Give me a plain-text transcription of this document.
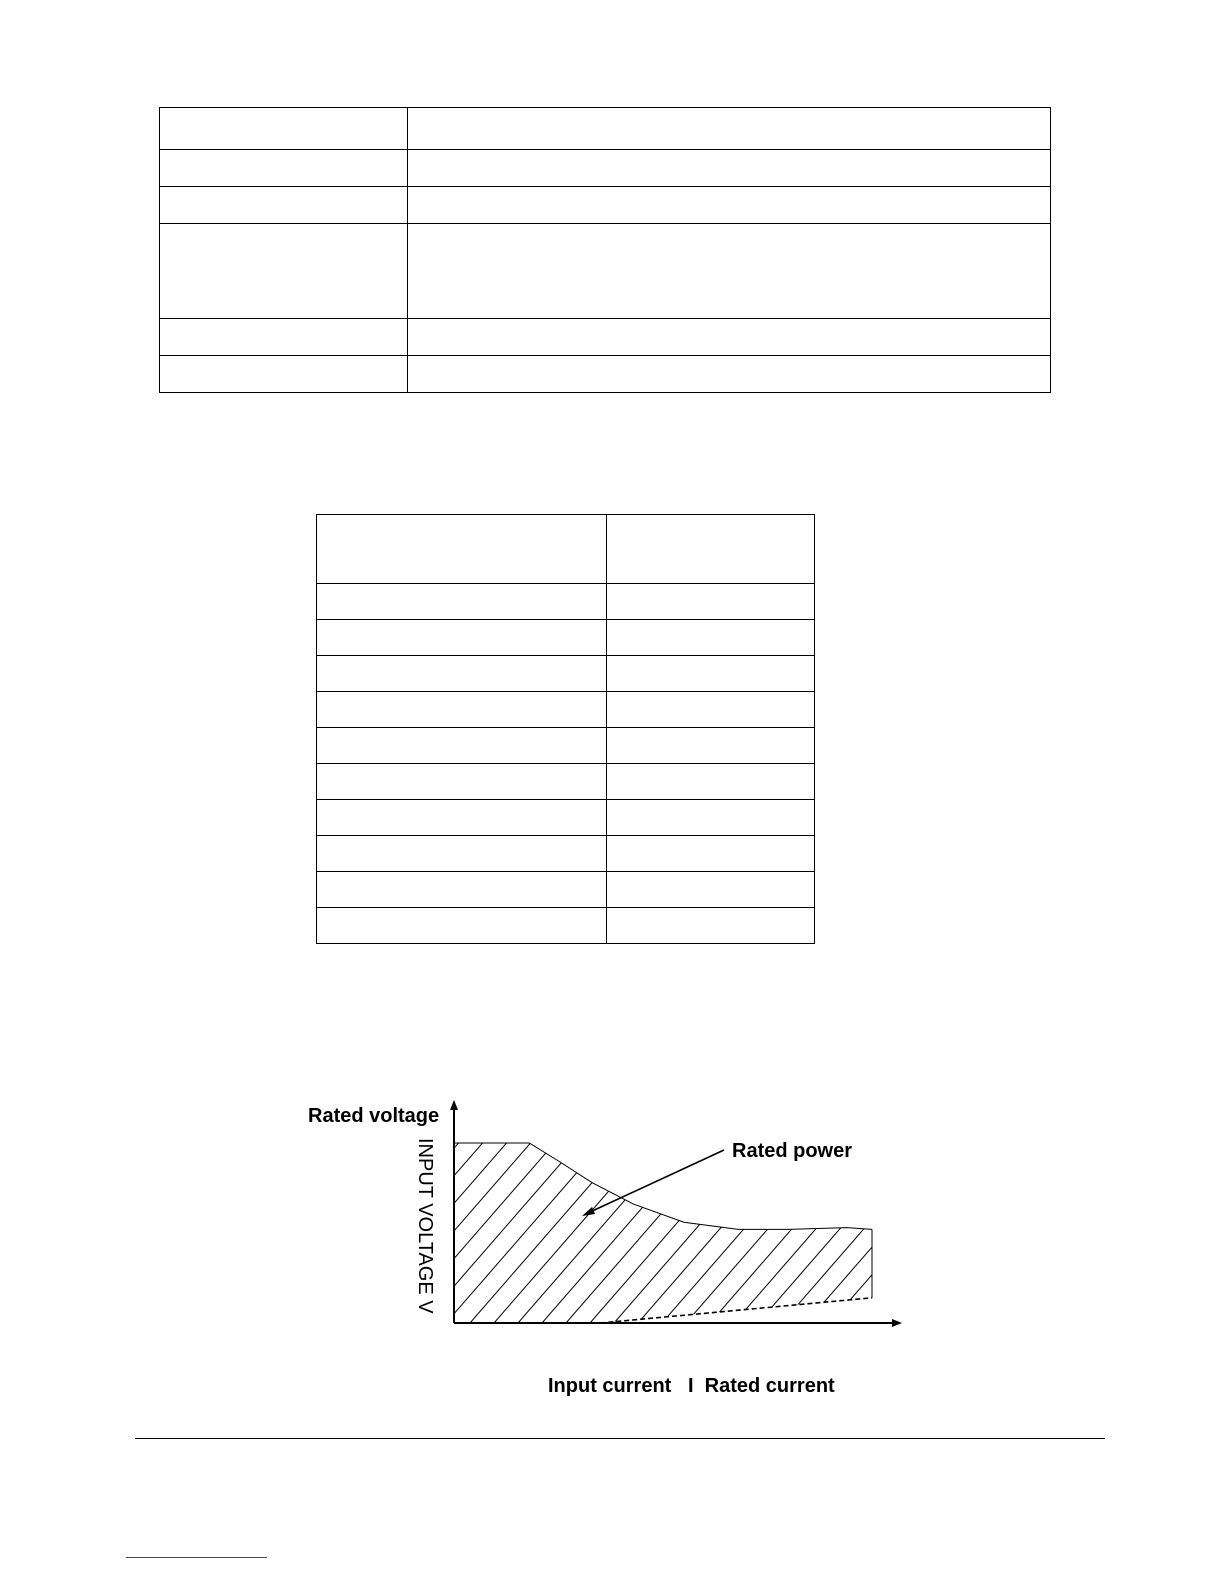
Rated voltage
INPUT VOLTAGE V	Rated power
Input current   I  Rated current
